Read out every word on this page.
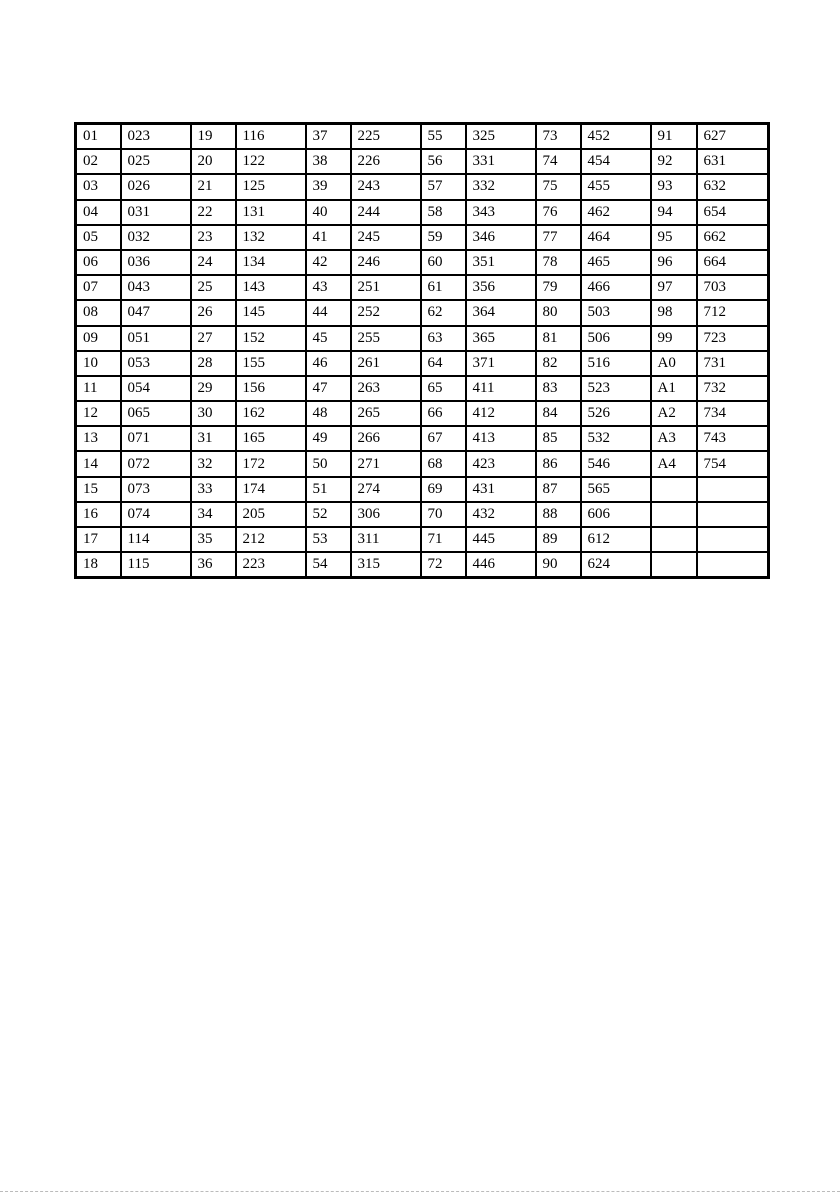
01	023	19	116	37	225	55	325	73	452	91	627
02	025	20	122	38	226	56	331	74	454	92	631
03	026	21	125	39	243	57	332	75	455	93	632
04	031	22	131	40	244	58	343	76	462	94	654
05	032	23	132	41	245	59	346	77	464	95	662
06	036	24	134	42	246	60	351	78	465	96	664
07	043	25	143	43	251	61	356	79	466	97	703
08	047	26	145	44	252	62	364	80	503	98	712
09	051	27	152	45	255	63	365	81	506	99	723
10	053	28	155	46	261	64	371	82	516	A0	731
11	054	29	156	47	263	65	411	83	523	A1	732
12	065	30	162	48	265	66	412	84	526	A2	734
13	071	31	165	49	266	67	413	85	532	A3	743
14	072	32	172	50	271	68	423	86	546	A4	754
15	073	33	174	51	274	69	431	87	565		
16	074	34	205	52	306	70	432	88	606		
17	114	35	212	53	311	71	445	89	612		
18	115	36	223	54	315	72	446	90	624		
